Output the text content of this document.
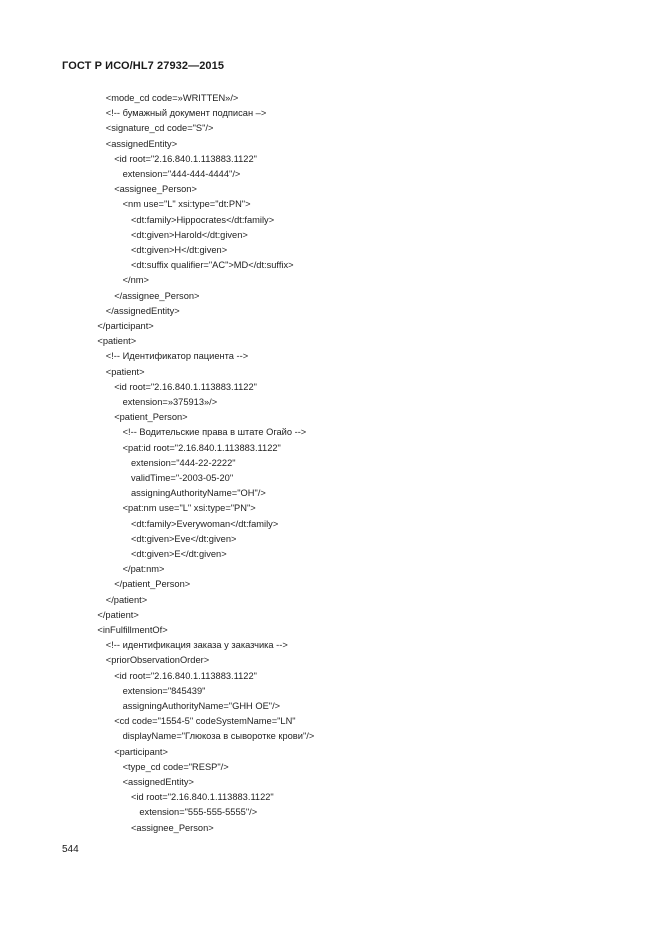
ГОСТ Р ИСО/HL7 27932—2015
<mode_cd code=»WRITTEN»/>
<!-- бумажный документ подписан –>
<signature_cd code="S"/>
<assignedEntity>
<id root="2.16.840.1.113883.1122"
extension="444-444-4444"/>
<assignee_Person>
<nm use="L" xsi:type="dt:PN">
<dt:family>Hippocrates</dt:family>
<dt:given>Harold</dt:given>
<dt:given>H</dt:given>
<dt:suffix qualifier="AC">MD</dt:suffix>
</nm>
</assignee_Person>
</assignedEntity>
</participant>
<patient>
<!-- Идентификатор пациента -->
<patient>
<id root="2.16.840.1.113883.1122"
extension=»375913»/>
<patient_Person>
<!-- Водительские права в штате Огайо -->
<pat:id root="2.16.840.1.113883.1122"
extension="444-22-2222"
validTime="-2003-05-20"
assigningAuthorityName="OH"/>
<pat:nm use="L" xsi:type="PN">
<dt:family>Everywoman</dt:family>
<dt:given>Eve</dt:given>
<dt:given>E</dt:given>
</pat:nm>
</patient_Person>
</patient>
</patient>
<inFulfillmentOf>
<!-- идентификация заказа у заказчика -->
<priorObservationOrder>
<id root="2.16.840.1.113883.1122"
extension="845439"
assigningAuthorityName="GHH OE"/>
<cd code="1554-5" codeSystemName="LN"
displayName="Глюкоза в сыворотке крови"/>
<participant>
<type_cd code="RESP"/>
<assignedEntity>
<id root="2.16.840.1.113883.1122"
extension="555-555-5555"/>
<assignee_Person>
544
